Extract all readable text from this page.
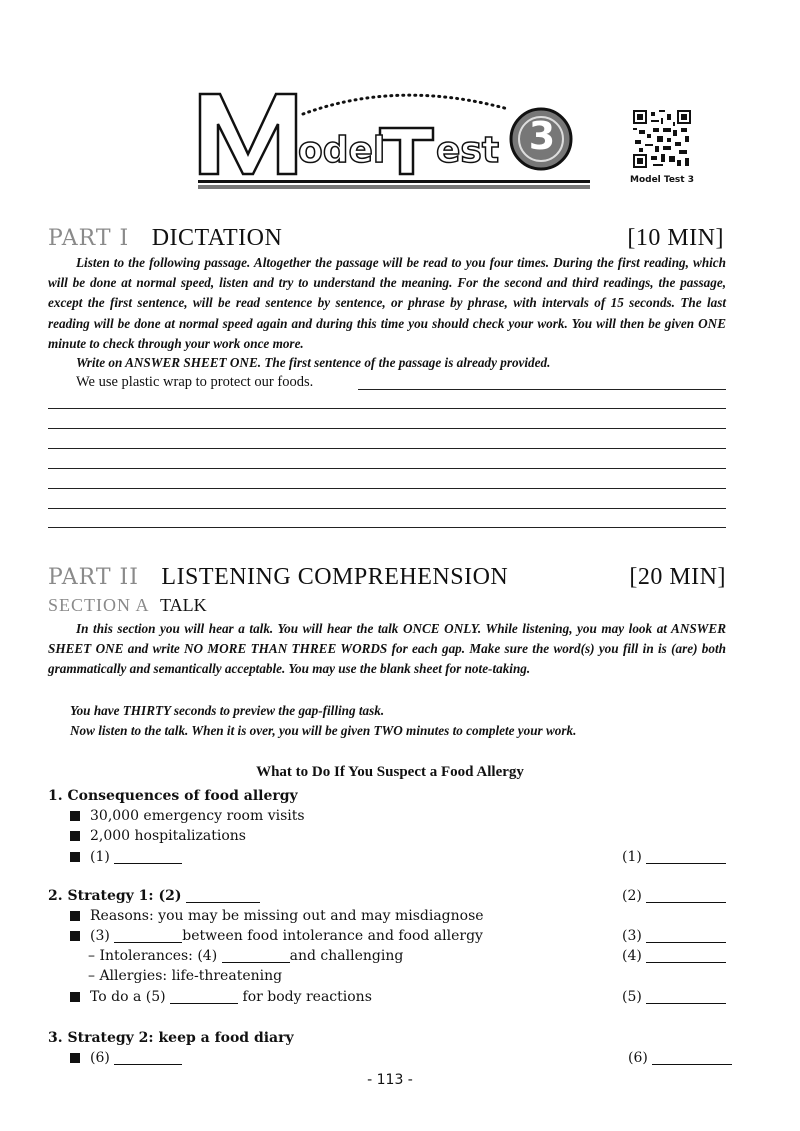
odel est 3
Model Test
Model Test 3
PART I DICTATION	[10 MIN]
Listen to the following passage. Altogether the passage will be read to you four times. During the first reading, which will be done at normal speed, listen and try to understand the meaning. For the second and third readings, the passage, except the first sentence, will be read sentence by sentence, or phrase by phrase, with intervals of 15 seconds. The last reading will be done at normal speed again and during this time you should check your work. You will then be given ONE minute to check through your work once more.
Write on ANSWER SHEET ONE. The first sentence of the passage is already provided.
We use plastic wrap to protect our foods.
PART II LISTENING COMPREHENSION	[20 MIN]
SECTION A TALK
In this section you will hear a talk. You will hear the talk ONCE ONLY. While listening, you may look at ANSWER SHEET ONE and write NO MORE THAN THREE WORDS for each gap. Make sure the word(s) you fill in is (are) both grammatically and semantically acceptable. You may use the blank sheet for note-taking.
You have THIRTY seconds to preview the gap-filling task.
Now listen to the talk. When it is over, you will be given TWO minutes to complete your work.
What to Do If You Suspect a Food Allergy
1. Consequences of food allergy
30,000 emergency room visits
2,000 hospitalizations
(1)
2. Strategy 1: (2)
Reasons: you may be missing out and may misdiagnose
(3)	between food intolerance and food allergy
– Intolerances: (4)	and challenging
– Allergies: life-threatening
To do a (5)	for body reactions
3. Strategy 2: keep a food diary
(6)
(1)
(2)
(3)
(4)
(5)
(6)
- 113 -
